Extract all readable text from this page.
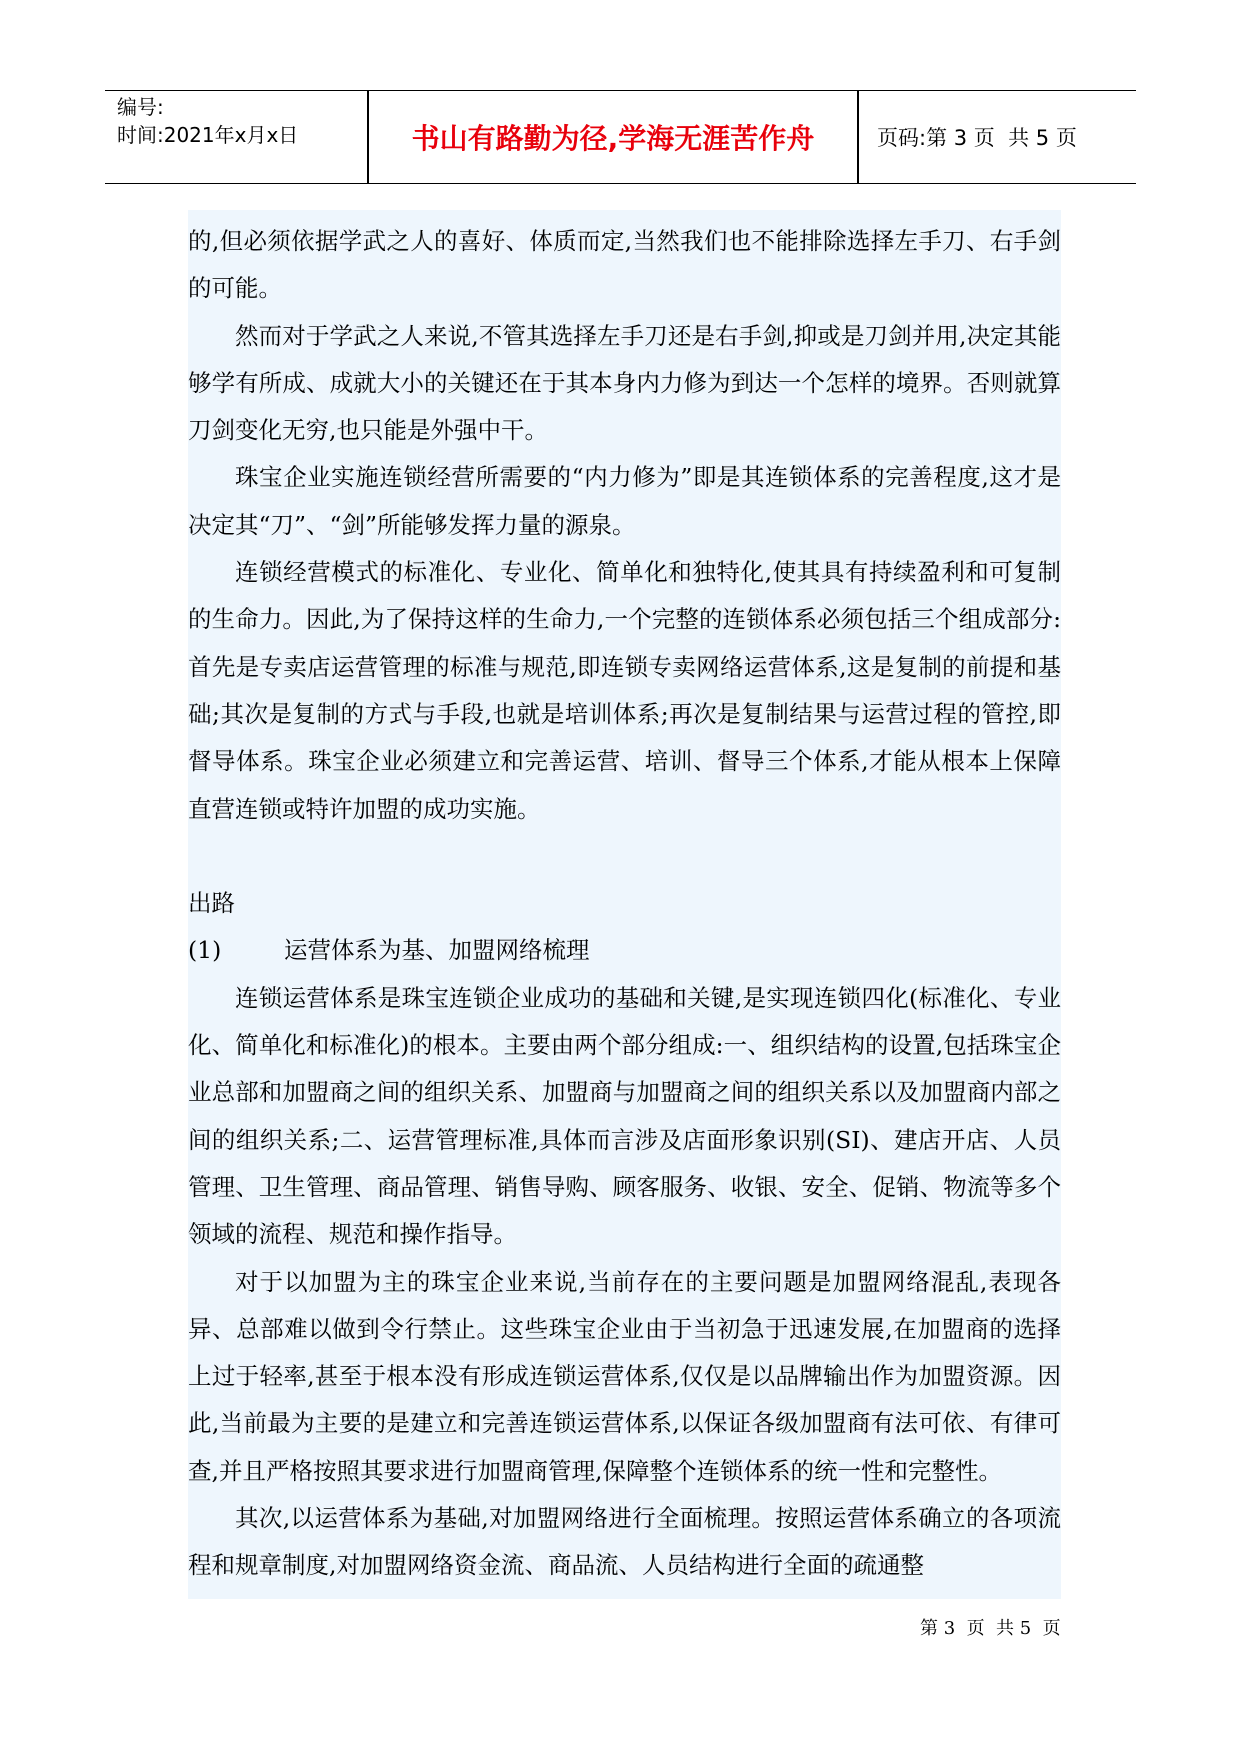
编号:
时间:2021年x月x日	书山有路勤为径,学海无涯苦作舟	页码:第 3 页  共 5 页

的,但必须依据学武之人的喜好、体质而定,当然我们也不能排除选择左手刀、右手剑的可能。

然而对于学武之人来说,不管其选择左手刀还是右手剑,抑或是刀剑并用,决定其能够学有所成、成就大小的关键还在于其本身内力修为到达一个怎样的境界。否则就算刀剑变化无穷,也只能是外强中干。

珠宝企业实施连锁经营所需要的“内力修为”即是其连锁体系的完善程度,这才是决定其“刀”、“剑”所能够发挥力量的源泉。

连锁经营模式的标准化、专业化、简单化和独特化,使其具有持续盈利和可复制的生命力。因此,为了保持这样的生命力,一个完整的连锁体系必须包括三个组成部分:首先是专卖店运营管理的标准与规范,即连锁专卖网络运营体系,这是复制的前提和基础;其次是复制的方式与手段,也就是培训体系;再次是复制结果与运营过程的管控,即督导体系。珠宝企业必须建立和完善运营、培训、督导三个体系,才能从根本上保障直营连锁或特许加盟的成功实施。

出路

(1)	运营体系为基、加盟网络梳理

连锁运营体系是珠宝连锁企业成功的基础和关键,是实现连锁四化(标准化、专业化、简单化和标准化)的根本。主要由两个部分组成:一、组织结构的设置,包括珠宝企业总部和加盟商之间的组织关系、加盟商与加盟商之间的组织关系以及加盟商内部之间的组织关系;二、运营管理标准,具体而言涉及店面形象识别(SI)、建店开店、人员管理、卫生管理、商品管理、销售导购、顾客服务、收银、安全、促销、物流等多个领域的流程、规范和操作指导。

对于以加盟为主的珠宝企业来说,当前存在的主要问题是加盟网络混乱,表现各异、总部难以做到令行禁止。这些珠宝企业由于当初急于迅速发展,在加盟商的选择上过于轻率,甚至于根本没有形成连锁运营体系,仅仅是以品牌输出作为加盟资源。因此,当前最为主要的是建立和完善连锁运营体系,以保证各级加盟商有法可依、有律可查,并且严格按照其要求进行加盟商管理,保障整个连锁体系的统一性和完整性。

其次,以运营体系为基础,对加盟网络进行全面梳理。按照运营体系确立的各项流程和规章制度,对加盟网络资金流、商品流、人员结构进行全面的疏通整

第 3  页  共 5  页
